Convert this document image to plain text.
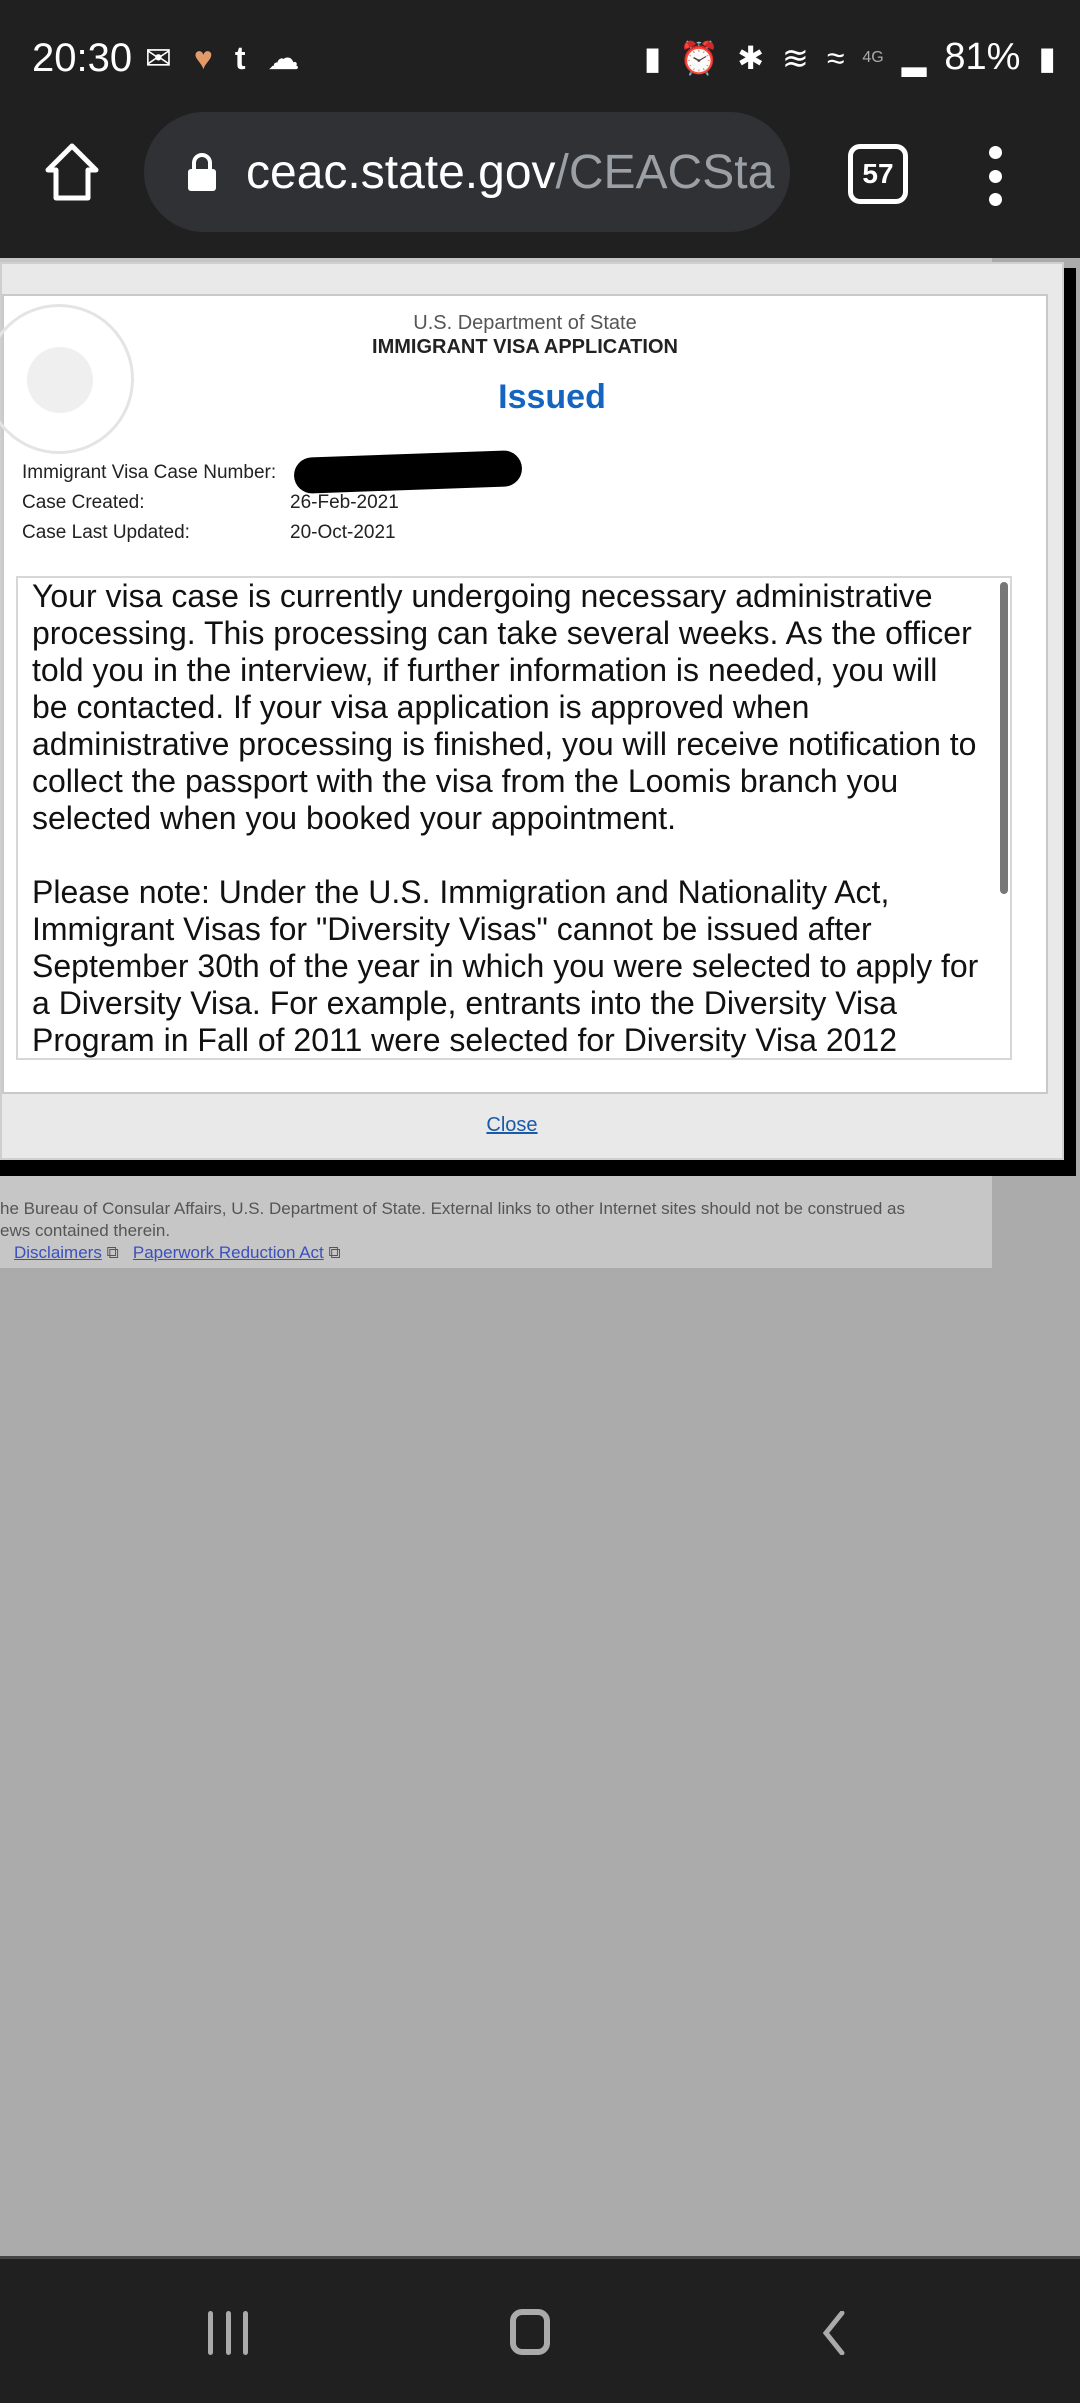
20:30 ✉ ♥ t ☁	▮ ⏰ ✱ ≋ ≈ 4G ▂ 81% ▮
ceac.state.gov/CEACSta	57
U.S. Department of State
IMMIGRANT VISA APPLICATION
Issued
Immigrant Visa Case Number:
Case Created:	26-Feb-2021
Case Last Updated:	20-Oct-2021

Your visa case is currently undergoing necessary administrative processing. This processing can take several weeks. As the officer told you in the interview, if further information is needed, you will be contacted. If your visa application is approved when administrative processing is finished, you will receive notification to collect the passport with the visa from the Loomis branch you selected when you booked your appointment.

Please note: Under the U.S. Immigration and Nationality Act, Immigrant Visas for "Diversity Visas" cannot be issued after September 30th of the year in which you were selected to apply for a Diversity Visa. For example, entrants into the Diversity Visa Program in Fall of 2011 were selected for Diversity Visa 2012

Close
he Bureau of Consular Affairs, U.S. Department of State. External links to other Internet sites should not be construed as
ews contained therein.
Disclaimers ⧉ Paperwork Reduction Act ⧉
